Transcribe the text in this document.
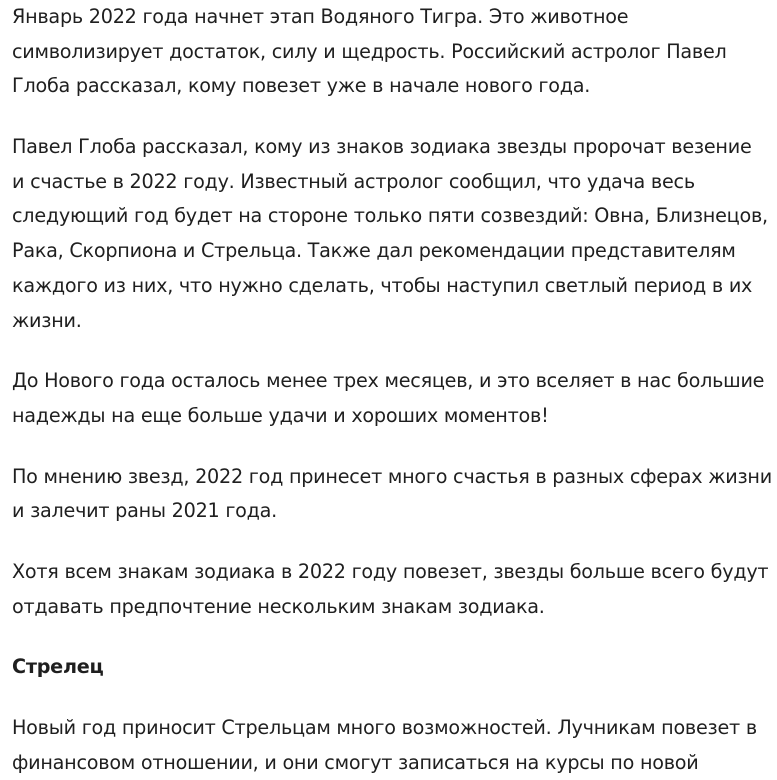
Январь 2022 года начнет этап Водяного Тигра. Это животное
символизирует достаток, силу и щедрость. Российский астролог Павел
Глоба рассказал, кому повезет уже в начале нового года.
Павел Глоба рассказал, кому из знаков зодиака звезды пророчат везение
и счастье в 2022 году. Известный астролог сообщил, что удача весь
следующий год будет на стороне только пяти созвездий: Овна, Близнецов,
Рака, Скорпиона и Стрельца. Также дал рекомендации представителям
каждого из них, что нужно сделать, чтобы наступил светлый период в их
жизни.
До Нового года осталось менее трех месяцев, и это вселяет в нас большие
надежды на еще больше удачи и хороших моментов!
По мнению звезд, 2022 год принесет много счастья в разных сферах жизни
и залечит раны 2021 года.
Хотя всем знакам зодиака в 2022 году повезет, звезды больше всего будут
отдавать предпочтение нескольким знакам зодиака.
Стрелец
Новый год приносит Стрельцам много возможностей. Лучникам повезет в
финансовом отношении, и они смогут записаться на курсы по новой
